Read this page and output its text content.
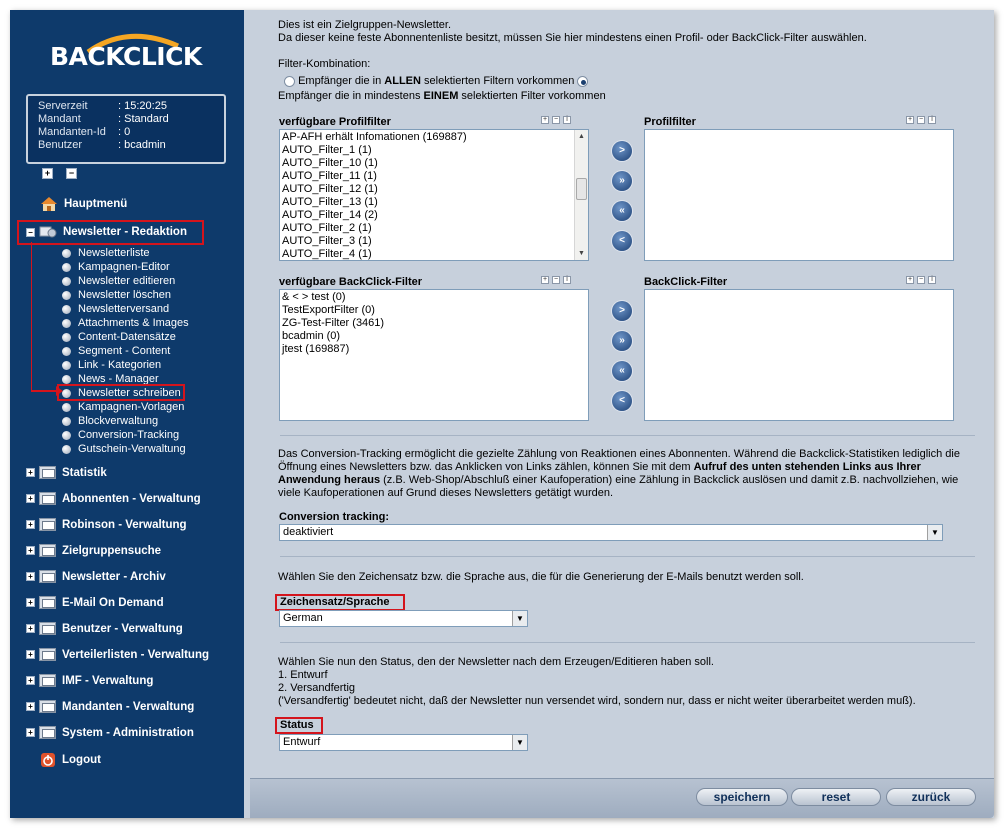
BACKCLICK
Serverzeit	: 15:20:25
Mandant	: Standard
Mandanten-Id	: 0
Benutzer	: bcadmin
+	−
Hauptmenü
−	Newsletter - Redaktion
Newsletterliste
Kampagnen-Editor
Newsletter editieren
Newsletter löschen
Newsletterversand
Attachments & Images
Content-Datensätze
Segment - Content
Link - Kategorien
News - Manager
Newsletter schreiben
Kampagnen-Vorlagen
Blockverwaltung
Conversion-Tracking
Gutschein-Verwaltung
+	Statistik
+	Abonnenten - Verwaltung
+	Robinson - Verwaltung
+	Zielgruppensuche
+	Newsletter - Archiv
+	E-Mail On Demand
+	Benutzer - Verwaltung
+	Verteilerlisten - Verwaltung
+	IMF - Verwaltung
+	Mandanten - Verwaltung
+	System - Administration
Logout
Dies ist ein Zielgruppen-Newsletter.
Da dieser keine feste Abonnentenliste besitzt, müssen Sie hier mindestens einen Profil- oder BackClick-Filter auswählen.
Filter-Kombination:
Empfänger die in ALLEN selektierten Filtern vorkommen
Empfänger die in mindestens EINEM selektierten Filter vorkommen
verfügbare Profilfilter	+ −	i
AP-AFH erhält Infomationen (169887)
AUTO_Filter_1 (1)
AUTO_Filter_10 (1)
AUTO_Filter_11 (1)
AUTO_Filter_12 (1)
AUTO_Filter_13 (1)
AUTO_Filter_14 (2)
AUTO_Filter_2 (1)
AUTO_Filter_3 (1)
AUTO_Filter_4 (1)
▲
▼
>
»
«
<
Profilfilter	+ −	i
verfügbare BackClick-Filter	+ −	i
& < > test (0)
TestExportFilter (0)
ZG-Test-Filter (3461)
bcadmin (0)
jtest (169887)
>
»
«
<
BackClick-Filter	+ −	i
Das Conversion-Tracking ermöglicht die gezielte Zählung von Reaktionen eines Abonnenten. Während die Backclick-Statistiken lediglich die
Öffnung eines Newsletters bzw. das Anklicken von Links zählen, können Sie mit dem Aufruf des unten stehenden Links aus Ihrer
Anwendung heraus (z.B. Web-Shop/Abschluß einer Kaufoperation) eine Zählung in Backclick auslösen und damit z.B. nachvollziehen, wie
viele Kaufoperationen auf Grund dieses Newsletters getätigt wurden.
Conversion tracking:
deaktiviert	▼
Wählen Sie den Zeichensatz bzw. die Sprache aus, die für die Generierung der E-Mails benutzt werden soll.
Zeichensatz/Sprache
German	▼
Wählen Sie nun den Status, den der Newsletter nach dem Erzeugen/Editieren haben soll.
1. Entwurf
2. Versandfertig
('Versandfertig' bedeutet nicht, daß der Newsletter nun versendet wird, sondern nur, dass er nicht weiter überarbeitet werden muß).
Status
Entwurf	▼
speichern	reset	zurück
